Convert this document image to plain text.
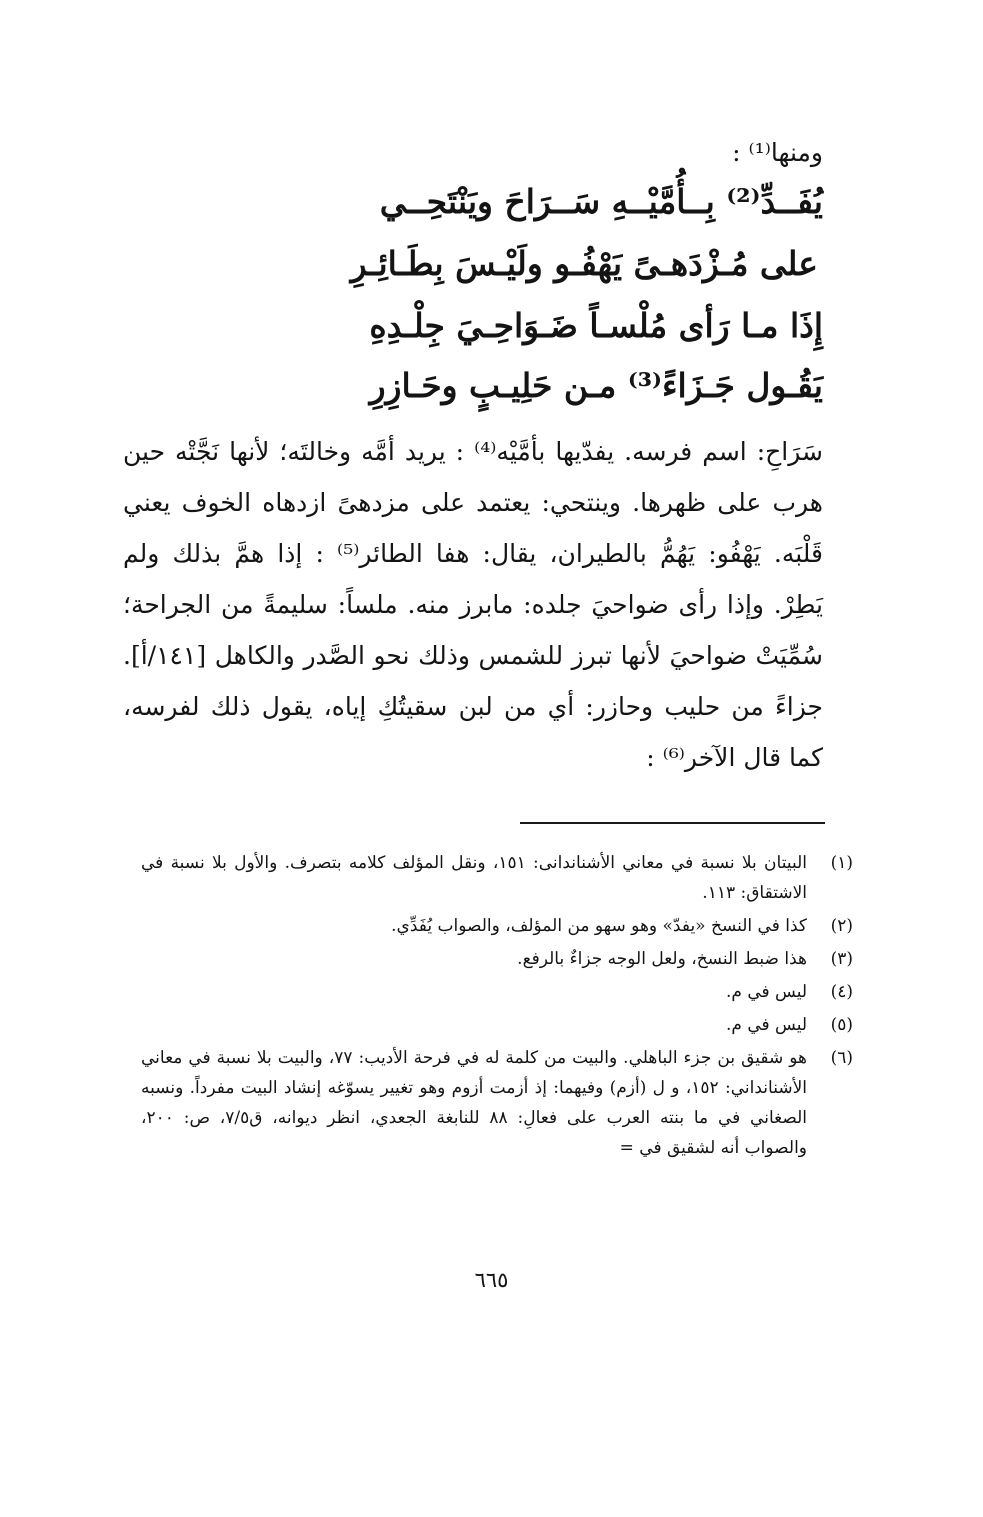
ومنها⁽¹⁾ :
يُفَــدِّ⁽²⁾ بِــأُمَّيْــهِ سَــرَاحَ ويَنْتَحِــي
على مُـزْدَهـىً يَهْفُـو ولَيْـسَ بِطَـائِـرِ
إِذَا مـا رَأى مُلْسـاً ضَـوَاحِـيَ جِلْـدِهِ
يَقُـول جَـزَاءً⁽³⁾ مـن حَلِيـبٍ وحَـازِرِ

سَرَاحِ: اسم فرسه. يفدّيها بأمَّيْه⁽⁴⁾ : يريد أمَّه وخالتَه؛ لأنها نَجَّتْه حين هرب على ظهرها. وينتحي: يعتمد على مزدهىً ازدهاه الخوف يعني قَلْبَه. يَهْفُو: يَهُمُّ بالطيران، يقال: هفا الطائر⁽⁵⁾ : إذا همَّ بذلك ولم يَطِرْ. وإذا رأى ضواحيَ جلده: مابرز منه. ملساً: سليمةً من الجراحة؛ سُمِّيَتْ ضواحيَ لأنها تبرز للشمس وذلك نحو الصَّدر والكاهل [١٤١/أ]. جزاءً من حليب وحازر: أي من لبن سقيتُكِ إياه، يقول ذلك لفرسه، كما قال الآخر⁽⁶⁾ :

(١)
البيتان بلا نسبة في معاني الأشناندانى: ١٥١، ونقل المؤلف كلامه بتصرف. والأول بلا نسبة في الاشتقاق: ١١٣.
(٢)
كذا في النسخ «يفدّ» وهو سهو من المؤلف، والصواب يُفَدِّي.
(٣)
هذا ضبط النسخ، ولعل الوجه جزاءٌ بالرفع.
(٤)
ليس في م.
(٥)
ليس في م.
(٦)
هو شقيق بن جزء الباهلي. والبيت من كلمة له في فرحة الأديب: ٧٧، والبيت بلا نسبة في معاني الأشنانداني: ١٥٢، و ل (أزم) وفيهما: إذ أزمت أزوم وهو تغيير يسوّغه إنشاد البيت مفرداً. ونسبه الصغاني في ما بنته العرب على فعالِ: ٨٨ للنابغة الجعدي، انظر ديوانه، ق٧/٥، ص: ٢٠٠، والصواب أنه لشقيق في =
٦٦٥
